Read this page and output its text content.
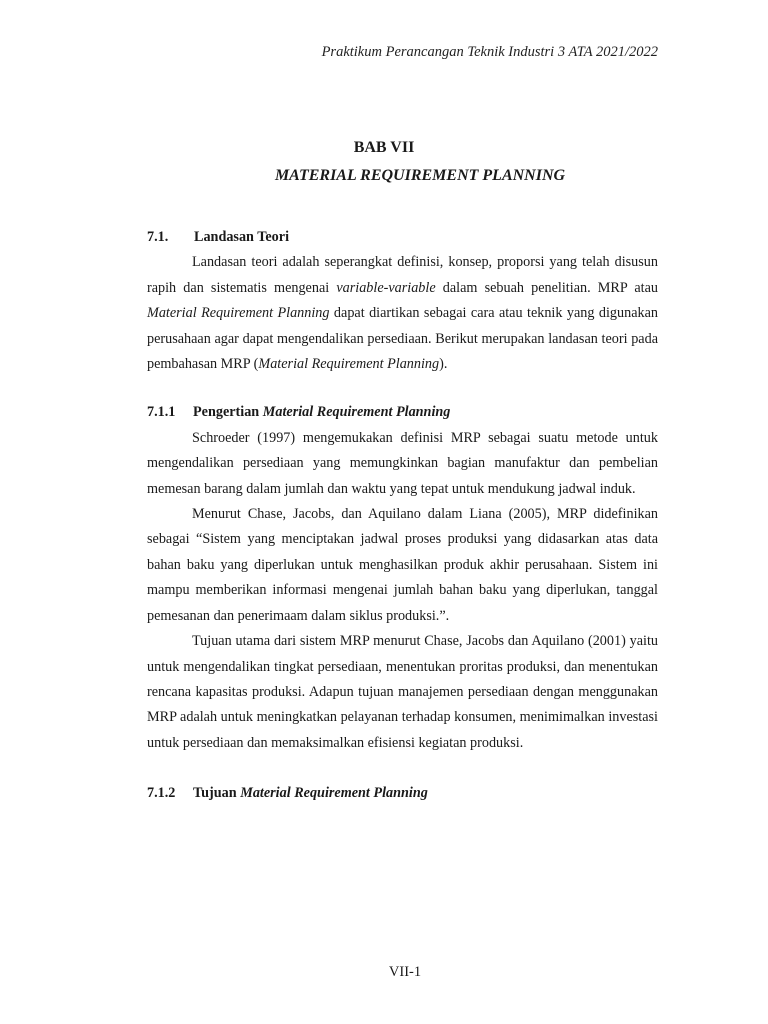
Praktikum Perancangan Teknik Industri 3 ATA 2021/2022
BAB VII
MATERIAL REQUIREMENT PLANNING
7.1.	Landasan Teori

Landasan teori adalah seperangkat definisi, konsep, proporsi yang telah disusun rapih dan sistematis mengenai variable-variable dalam sebuah penelitian. MRP atau Material Requirement Planning dapat diartikan sebagai cara atau teknik yang digunakan perusahaan agar dapat mengendalikan persediaan. Berikut merupakan landasan teori pada pembahasan MRP (Material Requirement Planning).

7.1.1	Pengertian Material Requirement Planning

Schroeder (1997) mengemukakan definisi MRP sebagai suatu metode untuk mengendalikan persediaan yang memungkinkan bagian manufaktur dan pembelian memesan barang dalam jumlah dan waktu yang tepat untuk mendukung jadwal induk.

Menurut Chase, Jacobs, dan Aquilano dalam Liana (2005), MRP didefinikan sebagai “Sistem yang menciptakan jadwal proses produksi yang didasarkan atas data bahan baku yang diperlukan untuk menghasilkan produk akhir perusahaan. Sistem ini mampu memberikan informasi mengenai jumlah bahan baku yang diperlukan, tanggal pemesanan dan penerimaam dalam siklus produksi.”.

Tujuan utama dari sistem MRP menurut Chase, Jacobs dan Aquilano (2001) yaitu untuk mengendalikan tingkat persediaan, menentukan proritas produksi, dan menentukan rencana kapasitas produksi. Adapun tujuan manajemen persediaan dengan menggunakan MRP adalah untuk meningkatkan pelayanan terhadap konsumen, menimimalkan investasi untuk persediaan dan memaksimalkan efisiensi kegiatan produksi.

7.1.2	Tujuan Material Requirement Planning
VII-1
